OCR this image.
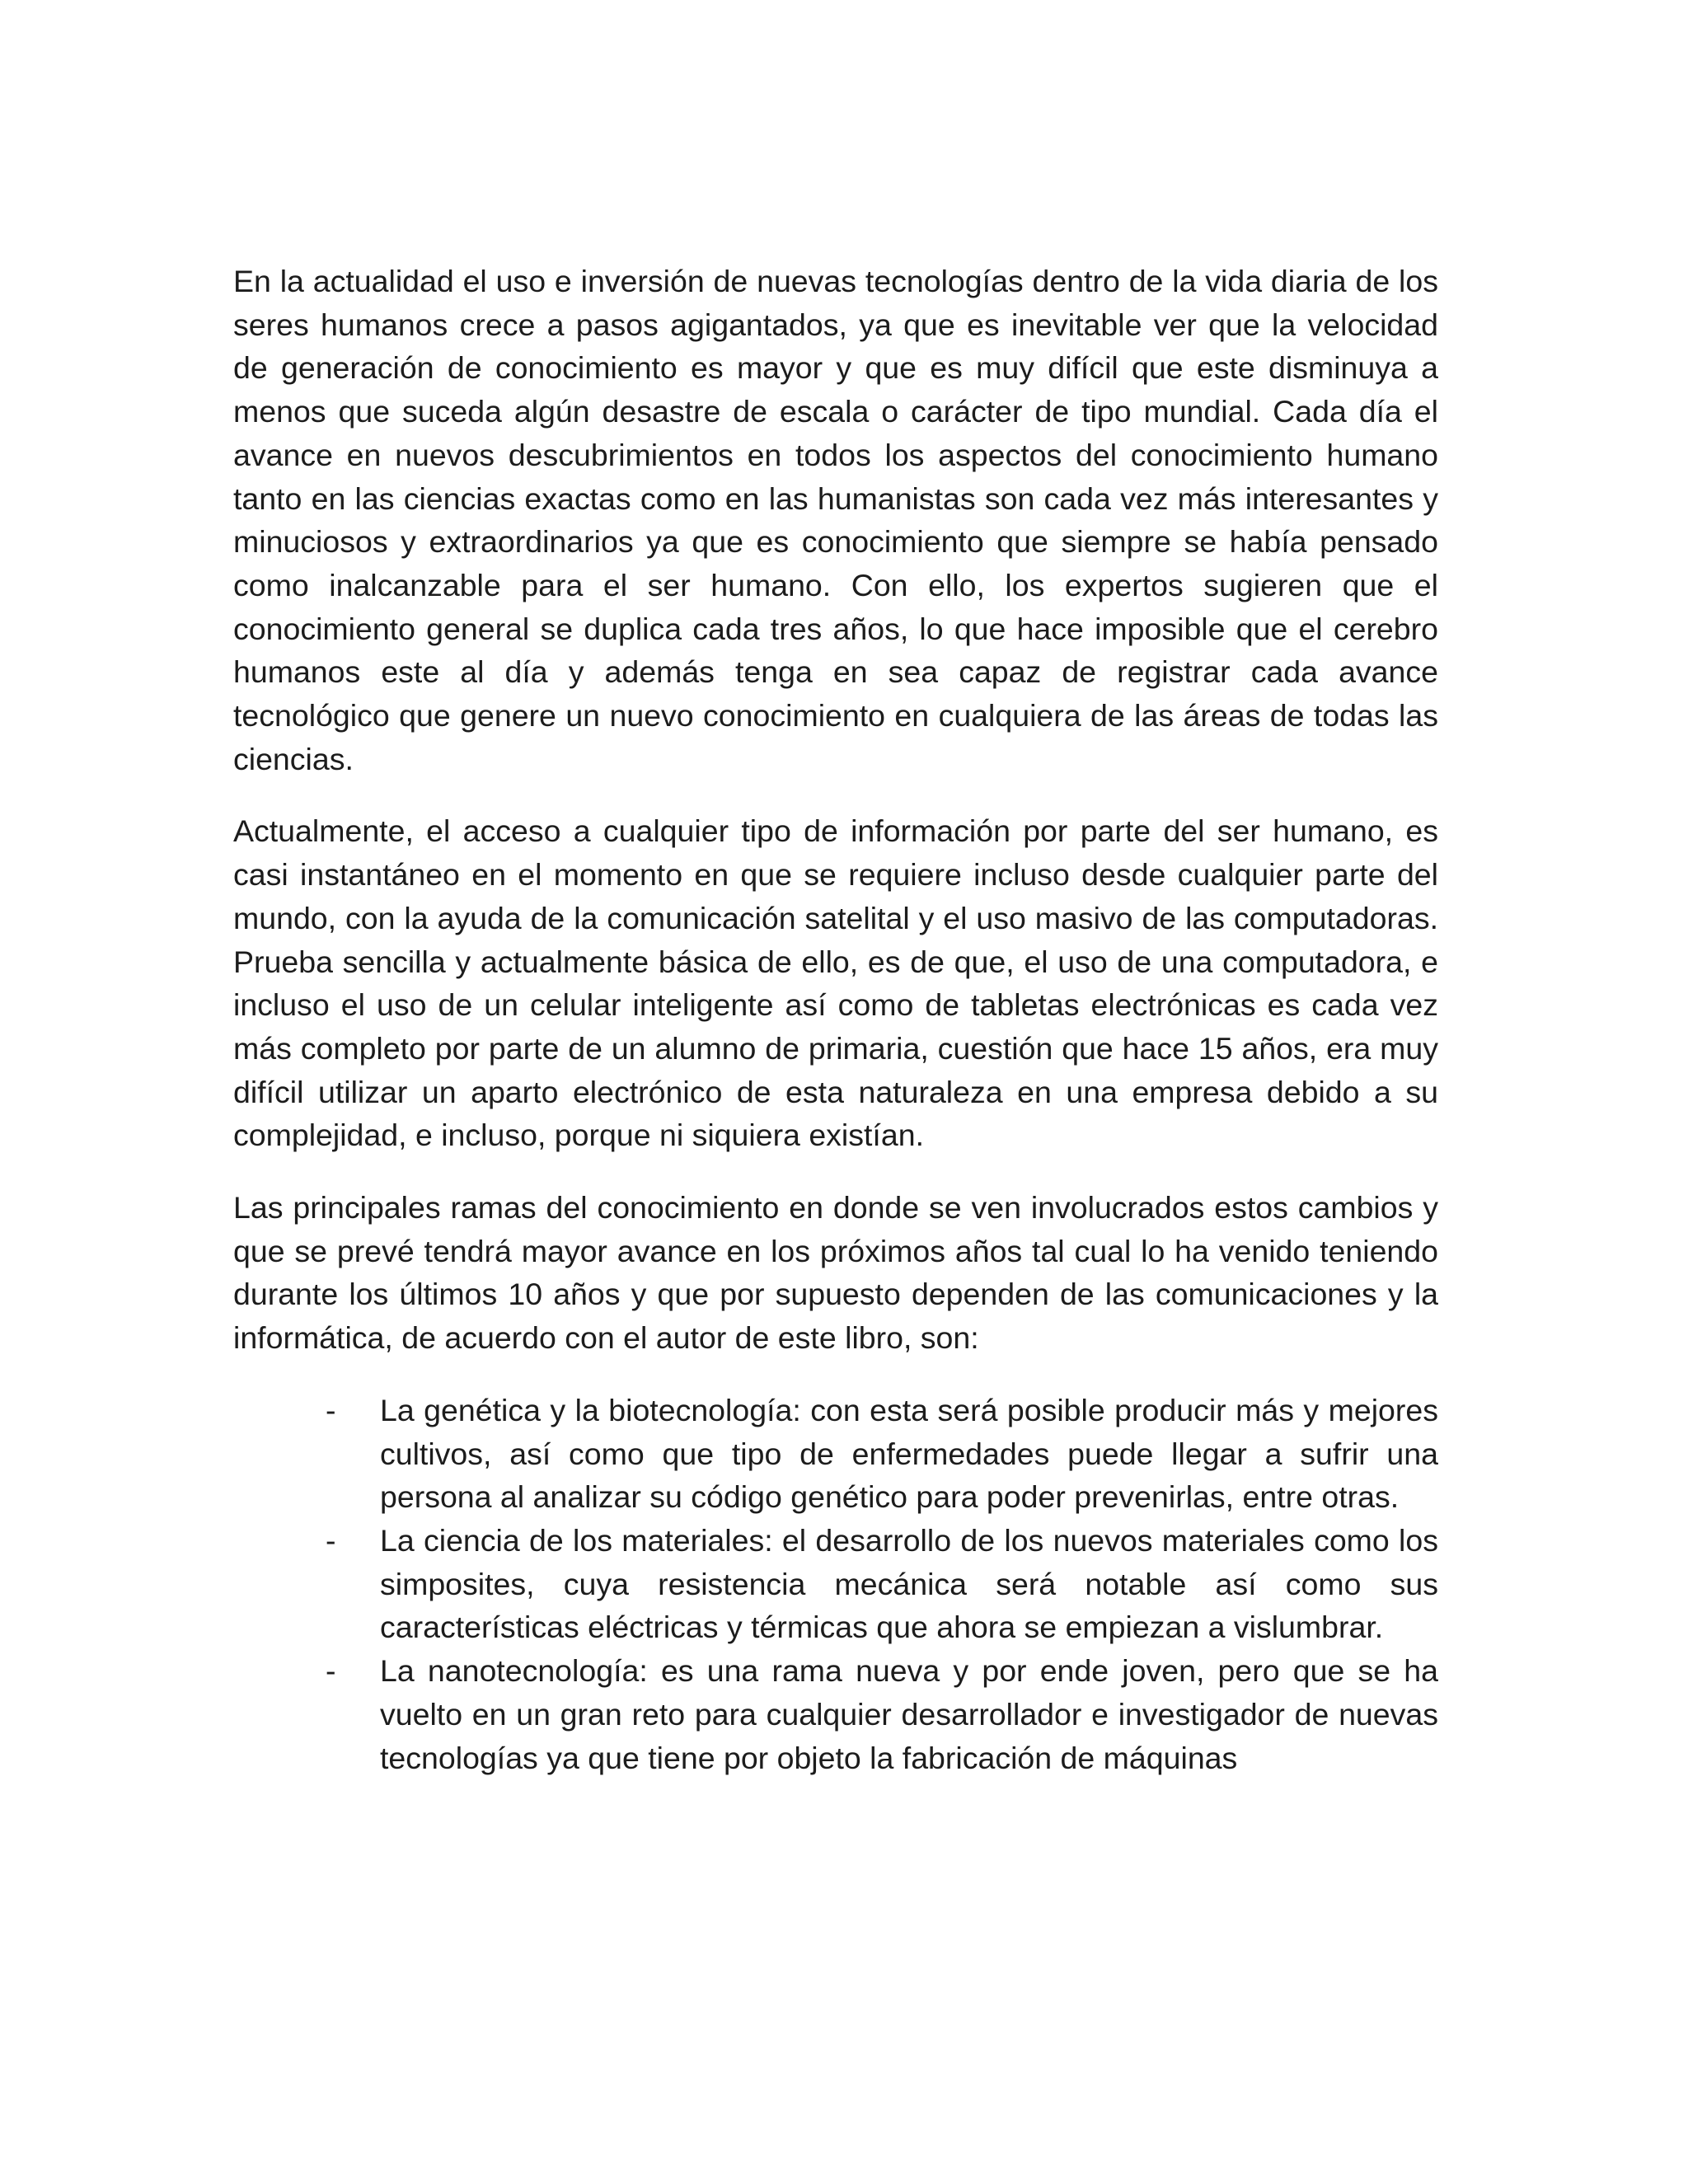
En la actualidad el uso e inversión de nuevas tecnologías dentro de la vida diaria de los seres humanos crece a pasos agigantados, ya que es inevitable ver que la velocidad de generación de conocimiento es mayor y que es muy difícil que este disminuya a menos que suceda algún desastre de escala o carácter de tipo mundial. Cada día el avance en nuevos descubrimientos en todos los aspectos del conocimiento humano tanto en las ciencias exactas como en las humanistas son cada vez más interesantes y minuciosos y extraordinarios ya que es conocimiento que siempre se había pensado como inalcanzable para el ser humano. Con ello, los expertos sugieren que el conocimiento general se duplica cada tres años, lo que hace imposible que el cerebro humanos este al día y además tenga en sea capaz de registrar cada avance tecnológico que genere un nuevo conocimiento en cualquiera de las áreas de todas las ciencias.

Actualmente, el acceso a cualquier tipo de información por parte del ser humano, es casi instantáneo en el momento en que se requiere incluso desde cualquier parte del mundo, con la ayuda de la comunicación satelital y el uso masivo de las computadoras. Prueba sencilla y actualmente básica de ello, es de que, el uso de una computadora, e incluso el uso de un celular inteligente así como de tabletas electrónicas es cada vez más completo por parte de un alumno de primaria, cuestión que hace 15 años, era muy difícil utilizar un aparto electrónico de esta naturaleza en una empresa debido a su complejidad, e incluso, porque ni siquiera existían.

Las principales ramas del conocimiento en donde se ven involucrados estos cambios y que se prevé tendrá mayor avance en los próximos años tal cual lo ha venido teniendo durante los últimos 10 años y que por supuesto dependen de las comunicaciones y la informática, de acuerdo con el autor de este libro, son:

- La genética y la biotecnología: con esta será posible producir más y mejores cultivos, así como que tipo de enfermedades puede llegar a sufrir una persona al analizar su código genético para poder prevenirlas, entre otras.
- La ciencia de los materiales: el desarrollo de los nuevos materiales como los simposites, cuya resistencia mecánica será notable así como sus características eléctricas y térmicas que ahora se empiezan a vislumbrar.
- La nanotecnología: es una rama nueva y por ende joven, pero que se ha vuelto en un gran reto para cualquier desarrollador e investigador de nuevas tecnologías ya que tiene por objeto la fabricación de máquinas
